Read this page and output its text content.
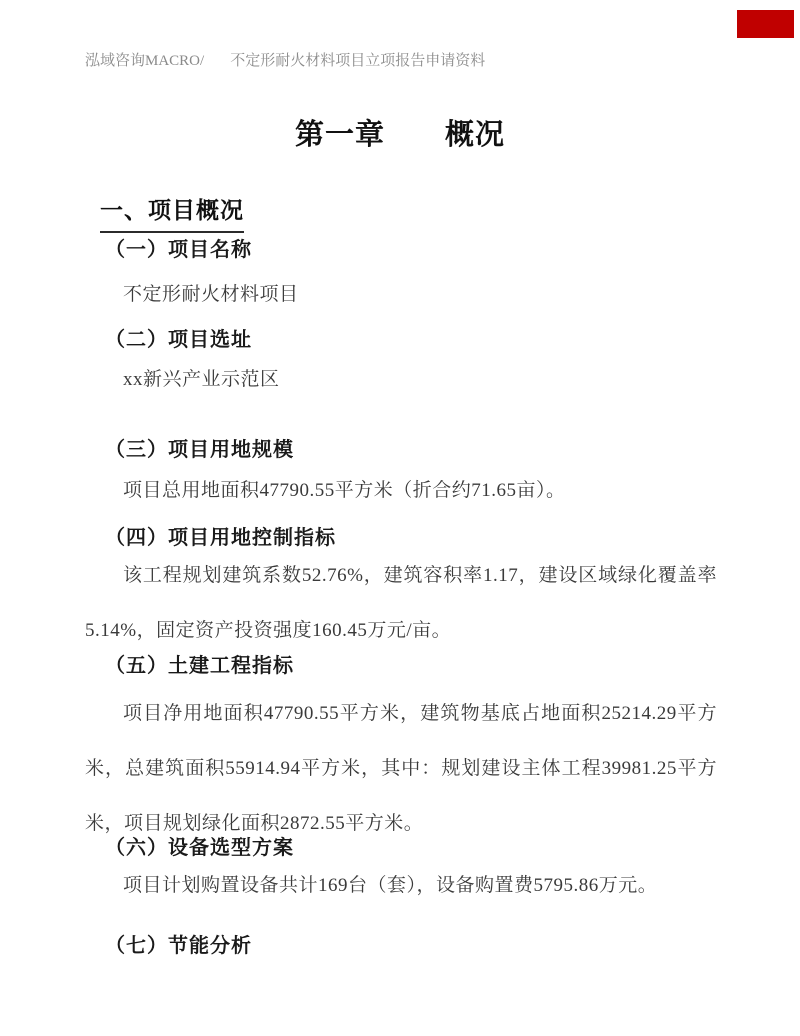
泓域咨询MACRO/ 不定形耐火材料项目立项报告申请资料
第一章　　概况
一、项目概况
（一）项目名称
不定形耐火材料项目
（二）项目选址
xx新兴产业示范区
（三）项目用地规模
项目总用地面积47790.55平方米（折合约71.65亩）。
（四）项目用地控制指标
该工程规划建筑系数52.76%，建筑容积率1.17，建设区域绿化覆盖率5.14%，固定资产投资强度160.45万元/亩。
（五）土建工程指标
项目净用地面积47790.55平方米，建筑物基底占地面积25214.29平方米，总建筑面积55914.94平方米，其中：规划建设主体工程39981.25平方米，项目规划绿化面积2872.55平方米。
（六）设备选型方案
项目计划购置设备共计169台（套），设备购置费5795.86万元。
（七）节能分析
